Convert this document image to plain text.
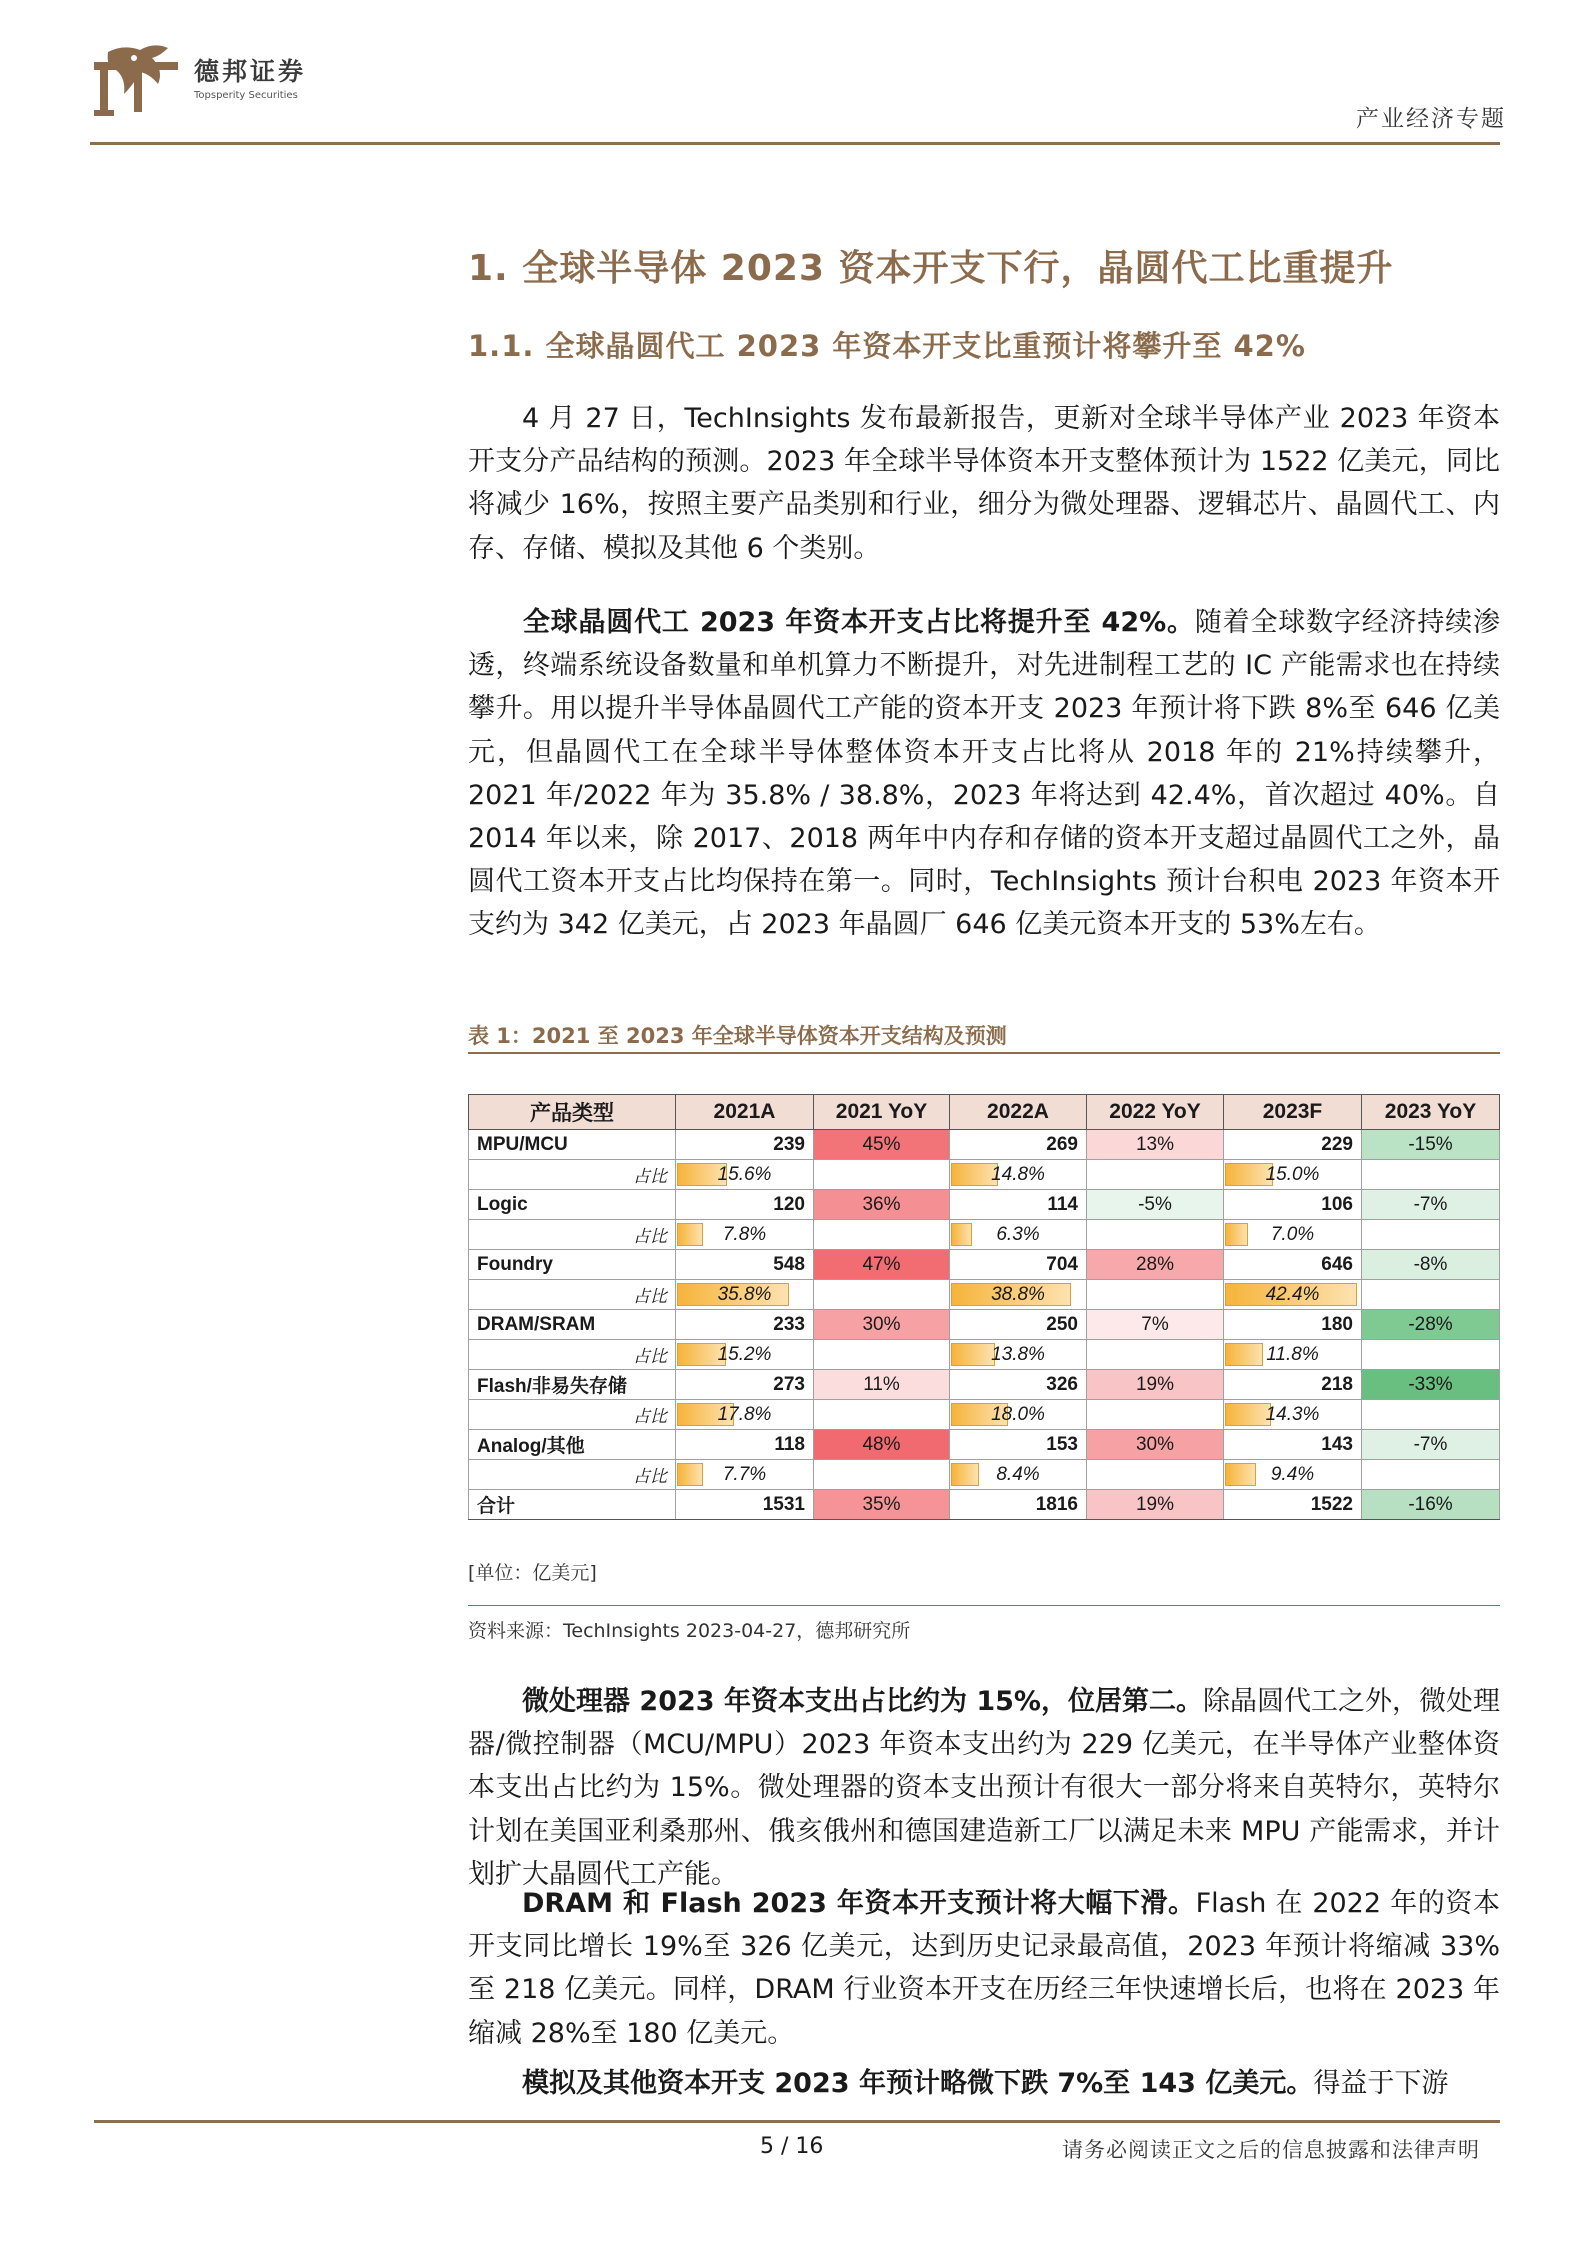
德邦证券
Topsperity Securities
产业经济专题
1. 全球半导体 2023 资本开支下行，晶圆代工比重提升
1.1. 全球晶圆代工 2023 年资本开支比重预计将攀升至 42%
4 月 27 日，TechInsights 发布最新报告，更新对全球半导体产业 2023 年资本开支分产品结构的预测。2023 年全球半导体资本开支整体预计为 1522 亿美元，同比将减少 16%，按照主要产品类别和行业，细分为微处理器、逻辑芯片、晶圆代工、内存、存储、模拟及其他 6 个类别。
全球晶圆代工 2023 年资本开支占比将提升至 42%。随着全球数字经济持续渗透，终端系统设备数量和单机算力不断提升，对先进制程工艺的 IC 产能需求也在持续攀升。用以提升半导体晶圆代工产能的资本开支 2023 年预计将下跌 8%至 646 亿美元，但晶圆代工在全球半导体整体资本开支占比将从 2018 年的 21%持续攀升，2021 年/2022 年为 35.8% / 38.8%，2023 年将达到 42.4%，首次超过 40%。自 2014 年以来，除 2017、2018 两年中内存和存储的资本开支超过晶圆代工之外，晶圆代工资本开支占比均保持在第一。同时，TechInsights 预计台积电 2023 年资本开支约为 342 亿美元，占 2023 年晶圆厂 646 亿美元资本开支的 53%左右。
表 1：2021 至 2023 年全球半导体资本开支结构及预测
产品类型	2021A	2021 YoY	2022A	2022 YoY	2023F	2023 YoY
MPU/MCU	239	45%	269	13%	229	-15%
占比	15.6%		14.8%		15.0%	

Logic	120	36%	114	-5%	106	-7%
占比	7.8%		6.3%		7.0%	

Foundry	548	47%	704	28%	646	-8%
占比	35.8%		38.8%		42.4%	

DRAM/SRAM	233	30%	250	7%	180	-28%
占比	15.2%		13.8%		11.8%	

Flash/非易失存储	273	11%	326	19%	218	-33%
占比	17.8%		18.0%		14.3%	

Analog/其他	118	48%	153	30%	143	-7%
占比	7.7%		8.4%		9.4%	

合计	1531	35%	1816	19%	1522	-16%
[单位：亿美元]
资料来源：TechInsights 2023-04-27，德邦研究所
微处理器 2023 年资本支出占比约为 15%，位居第二。除晶圆代工之外，微处理器/微控制器（MCU/MPU）2023 年资本支出约为 229 亿美元，在半导体产业整体资本支出占比约为 15%。微处理器的资本支出预计有很大一部分将来自英特尔，英特尔计划在美国亚利桑那州、俄亥俄州和德国建造新工厂以满足未来 MPU 产能需求，并计划扩大晶圆代工产能。
DRAM 和 Flash 2023 年资本开支预计将大幅下滑。Flash 在 2022 年的资本开支同比增长 19%至 326 亿美元，达到历史记录最高值，2023 年预计将缩减 33%至 218 亿美元。同样，DRAM 行业资本开支在历经三年快速增长后，也将在 2023 年缩减 28%至 180 亿美元。
模拟及其他资本开支 2023 年预计略微下跌 7%至 143 亿美元。得益于下游
5 / 16	请务必阅读正文之后的信息披露和法律声明
